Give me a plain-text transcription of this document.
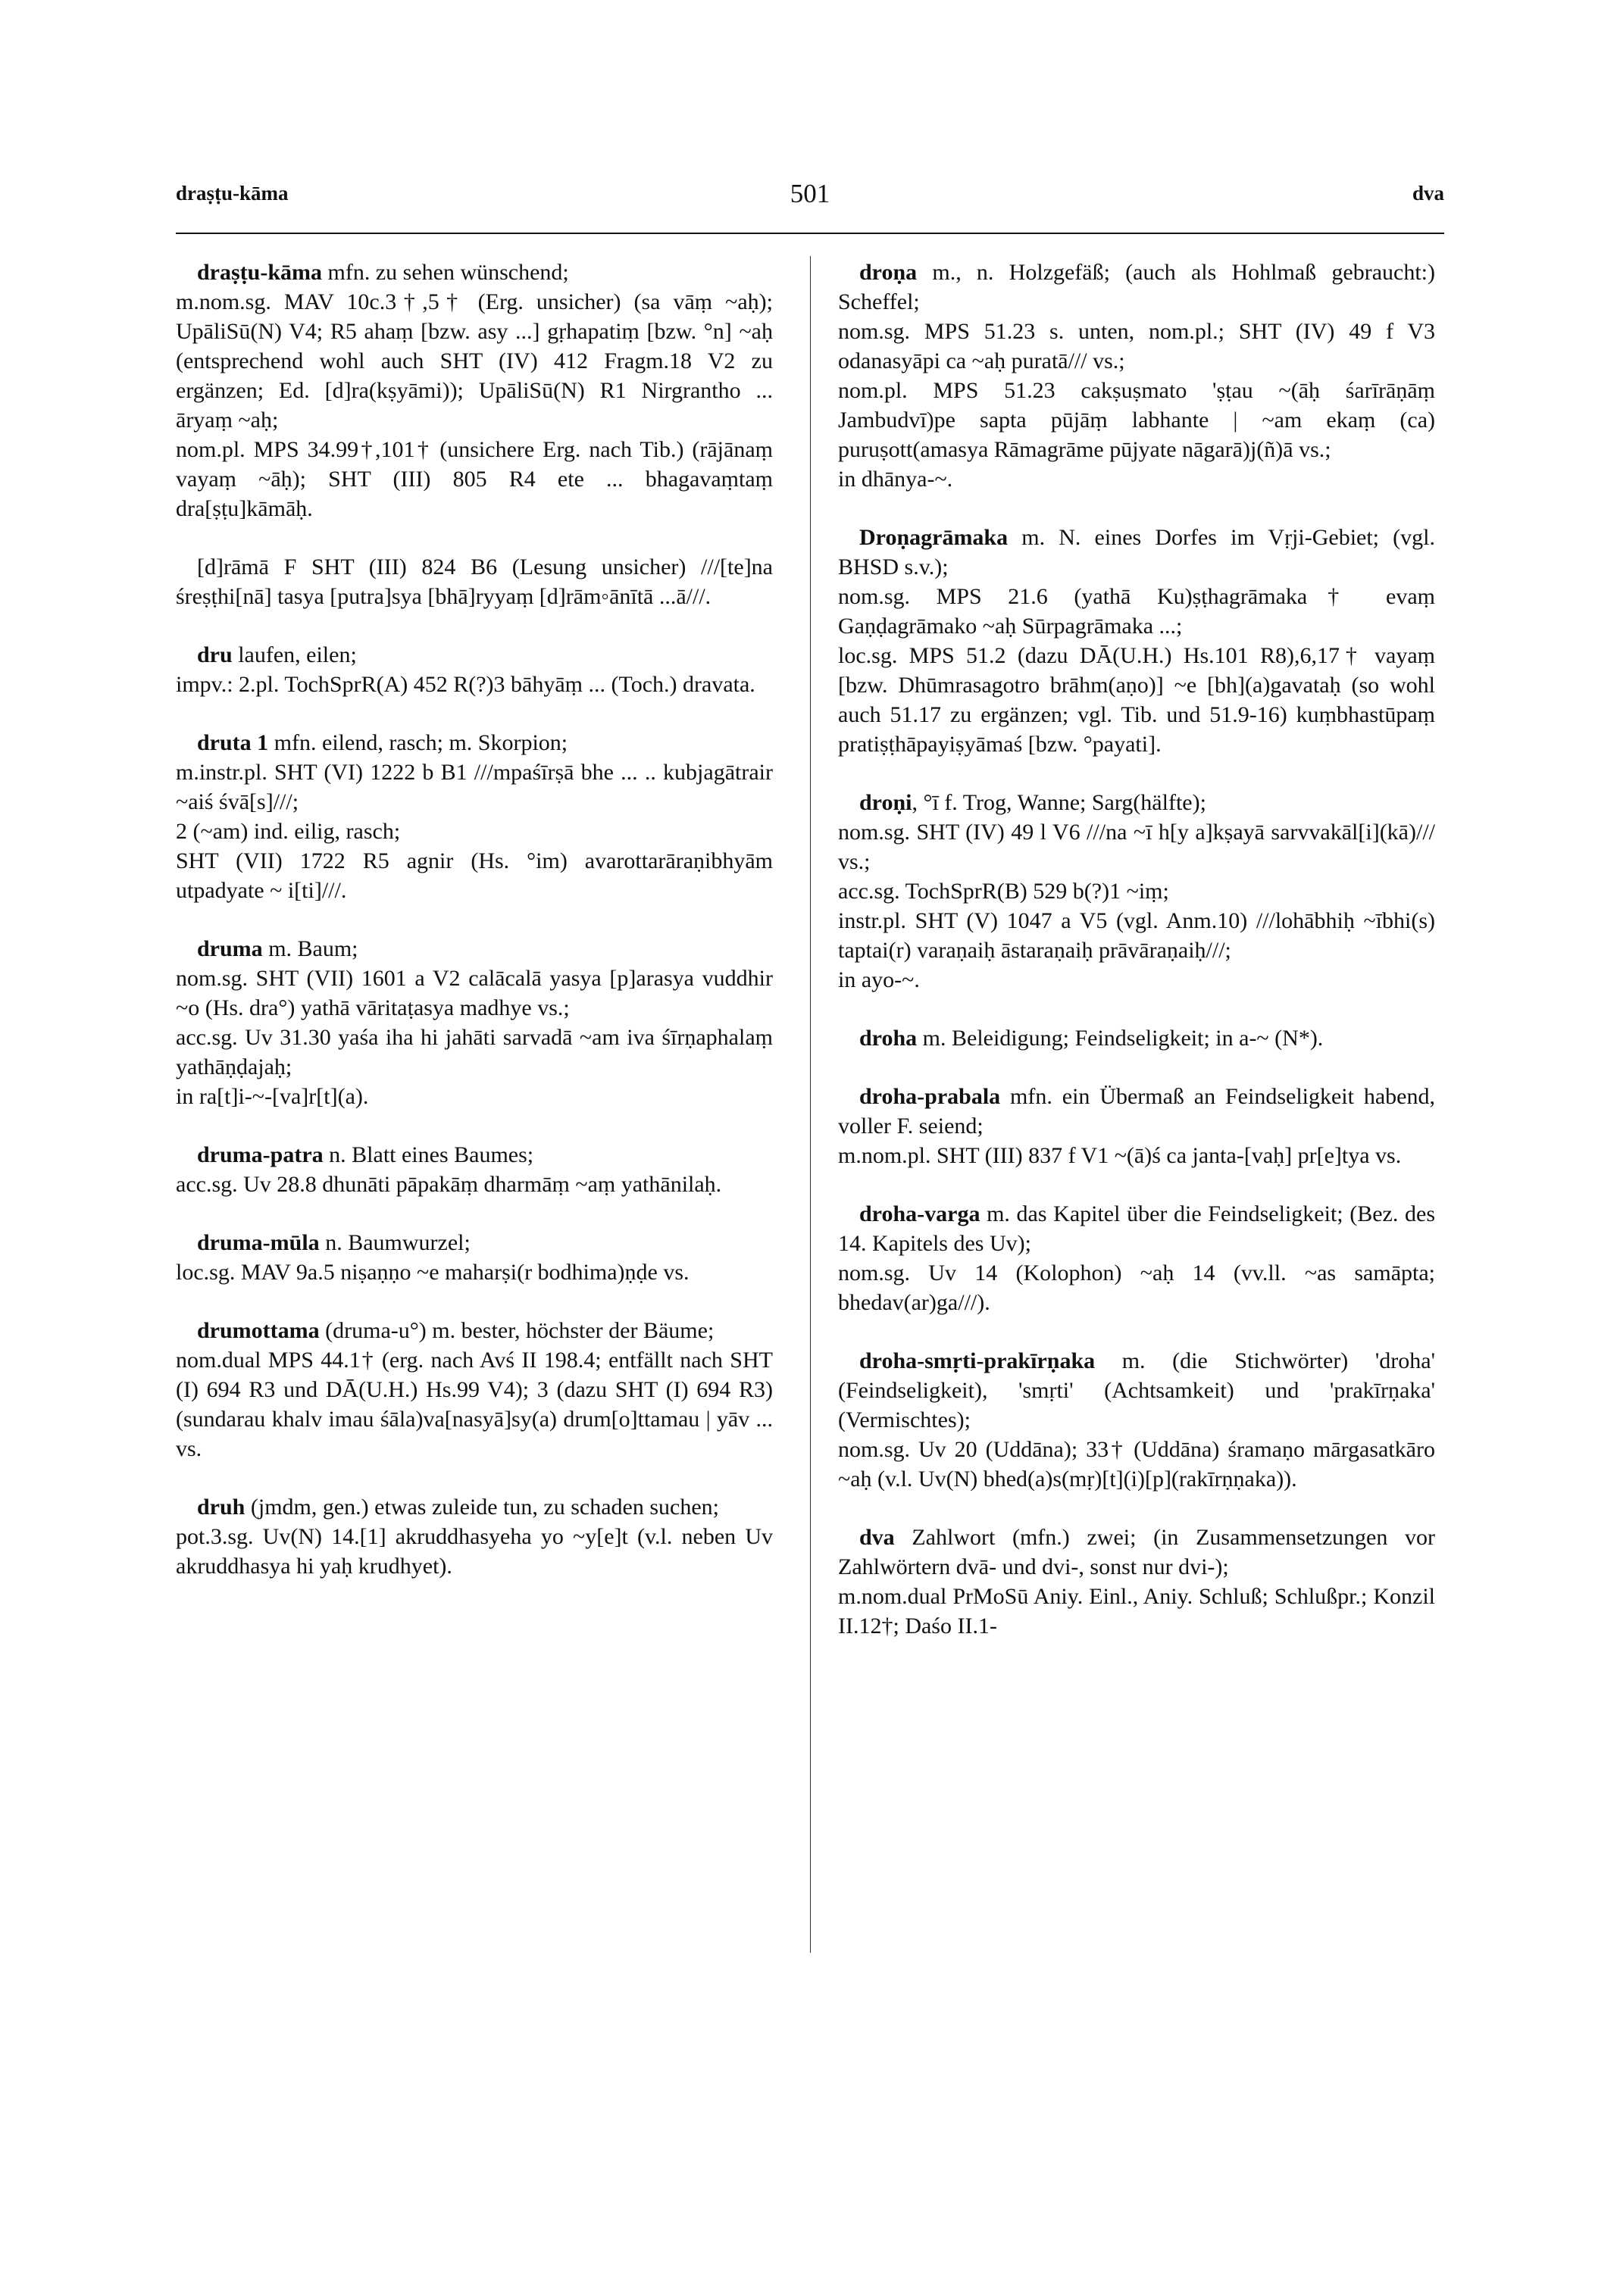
draṣṭu-kāma	501	dva
draṣṭu-kāma mfn. zu sehen wünschend;

m.nom.sg. MAV 10c.3†,5† (Erg. unsicher) (sa vāṃ ~aḥ); UpāliSū(N) V4; R5 ahaṃ [bzw. asy ...] gṛhapatiṃ [bzw. °n] ~aḥ (entsprechend wohl auch SHT (IV) 412 Fragm.18 V2 zu ergänzen; Ed. [d]ra(kṣyāmi)); UpāliSū(N) R1 Nirgrantho ... āryaṃ ~aḥ;

nom.pl. MPS 34.99†,101† (unsichere Erg. nach Tib.) (rājānaṃ vayaṃ ~āḥ); SHT (III) 805 R4 ete ... bhagavaṃtaṃ dra[ṣṭu]kāmāḥ.

[d]rāmā F SHT (III) 824 B6 (Lesung unsicher) ///[te]na śreṣṭhi[nā] tasya [putra]sya [bhā]ryyaṃ [d]rām◦ānītā ...ā///.
dru laufen, eilen;

impv.: 2.pl. TochSprR(A) 452 R(?)3 bāhyāṃ ... (Toch.) dravata.

druta 1 mfn. eilend, rasch; m. Skorpion;

m.instr.pl. SHT (VI) 1222 b B1 ///mpaśīrṣā bhe ... .. kubjagātrair ~aiś śvā[s]///;

2 (~am) ind. eilig, rasch;

SHT (VII) 1722 R5 agnir (Hs. °im) avarottarāraṇibhyām utpadyate ~ i[ti]///.

druma m. Baum;

nom.sg. SHT (VII) 1601 a V2 calācalā yasya [p]arasya vuddhir ~o (Hs. dra°) yathā vāritaṭasya madhye vs.;

acc.sg. Uv 31.30 yaśa iha hi jahāti sarvadā ~am iva śīrṇaphalaṃ yathāṇḍajaḥ;

in ra[t]i-~-[va]r[t](a).

druma-patra n. Blatt eines Baumes;

acc.sg. Uv 28.8 dhunāti pāpakāṃ dharmāṃ ~aṃ yathānilaḥ.

druma-mūla n. Baumwurzel;

loc.sg. MAV 9a.5 niṣaṇṇo ~e maharṣi(r bodhima)ṇḍe vs.

drumottama (druma-u°) m. bester, höchster der Bäume;

nom.dual MPS 44.1† (erg. nach Avś II 198.4; entfällt nach SHT (I) 694 R3 und DĀ(U.H.) Hs.99 V4); 3 (dazu SHT (I) 694 R3) (sundarau khalv imau śāla)va[nasyā]sy(a) drum[o]ttamau | yāv ... vs.

druh (jmdm, gen.) etwas zuleide tun, zu schaden suchen;

pot.3.sg. Uv(N) 14.[1] akruddhasyeha yo ~y[e]t (v.l. neben Uv akruddhasya hi yaḥ krudhyet).

droṇa m., n. Holzgefäß; (auch als Hohlmaß gebraucht:) Scheffel;

nom.sg. MPS 51.23 s. unten, nom.pl.; SHT (IV) 49 f V3 odanasyāpi ca ~aḥ puratā/// vs.;

nom.pl. MPS 51.23 cakṣuṣmato 'ṣṭau ~(āḥ śarīrāṇāṃ Jambudvī)pe sapta pūjāṃ labhante | ~am ekaṃ (ca) puruṣott(amasya Rāmagrāme pūjyate nāgarā)j(ñ)ā vs.;

in dhānya-~.

Droṇagrāmaka m. N. eines Dorfes im Vṛji-Gebiet; (vgl. BHSD s.v.);

nom.sg. MPS 21.6 (yathā Ku)ṣṭhagrāmaka† evaṃ Gaṇḍagrāmako ~aḥ Sūrpagrāmaka ...;

loc.sg. MPS 51.2 (dazu DĀ(U.H.) Hs.101 R8),6,17† vayaṃ [bzw. Dhūmrasagotro brāhm(aṇo)] ~e [bh](a)gavataḥ (so wohl auch 51.17 zu ergänzen; vgl. Tib. und 51.9-16) kuṃbhastūpaṃ pratiṣṭhāpayiṣyāmaś [bzw. °payati].

droṇi, °ī f. Trog, Wanne; Sarg(hälfte);

nom.sg. SHT (IV) 49 l V6 ///na ~ī h[y a]kṣayā sarvvakāl[i](kā)/// vs.;

acc.sg. TochSprR(B) 529 b(?)1 ~iṃ;

instr.pl. SHT (V) 1047 a V5 (vgl. Anm.10) ///lohābhiḥ ~ībhi(s) taptai(r) varaṇaiḥ āstaraṇaiḥ prāvāraṇaiḥ///;

in ayo-~.

droha m. Beleidigung; Feindseligkeit; in a-~ (N*).
droha-prabala mfn. ein Übermaß an Feindseligkeit habend, voller F. seiend;

m.nom.pl. SHT (III) 837 f V1 ~(ā)ś ca jantа-[vaḥ] pr[e]tya vs.

droha-varga m. das Kapitel über die Feindseligkeit; (Bez. des 14. Kapitels des Uv);

nom.sg. Uv 14 (Kolophon) ~aḥ 14 (vv.ll. ~as samāpta; bhedav(ar)ga///).

droha-smṛti-prakīrṇaka m. (die Stichwörter) 'droha' (Feindseligkeit), 'smṛti' (Achtsamkeit) und 'prakīrṇaka' (Vermischtes);

nom.sg. Uv 20 (Uddāna); 33† (Uddāna) śramaṇo mārgasatkāro ~aḥ (v.l. Uv(N) bhed(a)s(mṛ)[t](i)[p](rakīrṇṇaka)).

dva Zahlwort (mfn.) zwei; (in Zusammensetzungen vor Zahlwörtern dvā- und dvi-, sonst nur dvi-);

m.nom.dual PrMoSū Aniy. Einl., Aniy. Schluß; Schlußpr.; Konzil II.12†; Daśo II.1-
